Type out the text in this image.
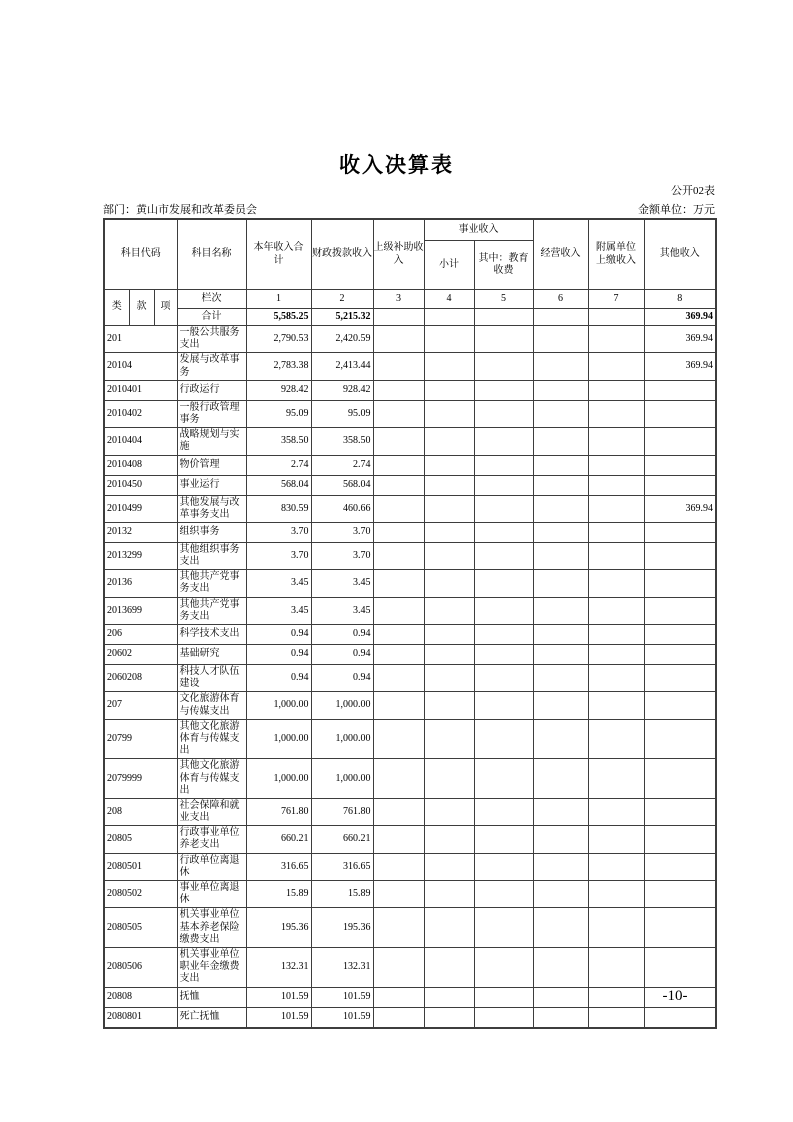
收入决算表
公开02表
部门：黄山市发展和改革委员会	金额单位：万元
科目代码			科目名称	本年收入合计	财政拨款收入	上级补助收入	事业收入		经营收入	附属单位上缴收入	其他收入
							小计	其中：教育收费			
类	款	项	栏次	1	2	3	4	5	6	7	8
			合计	5,585.25	5,215.32						369.94
201			一般公共服务支出	2,790.53	2,420.59						369.94
20104			发展与改革事务	2,783.38	2,413.44						369.94
2010401			行政运行	928.42	928.42						
2010402			一般行政管理事务	95.09	95.09						
2010404			战略规划与实施	358.50	358.50						
2010408			物价管理	2.74	2.74						
2010450			事业运行	568.04	568.04						
2010499			其他发展与改革事务支出	830.59	460.66						369.94
20132			组织事务	3.70	3.70						
2013299			其他组织事务支出	3.70	3.70						
20136			其他共产党事务支出	3.45	3.45						
2013699			其他共产党事务支出	3.45	3.45						
206			科学技术支出	0.94	0.94						
20602			基础研究	0.94	0.94						
2060208			科技人才队伍建设	0.94	0.94						
207			文化旅游体育与传媒支出	1,000.00	1,000.00						
20799			其他文化旅游体育与传媒支出	1,000.00	1,000.00						
2079999			其他文化旅游体育与传媒支出	1,000.00	1,000.00						
208			社会保障和就业支出	761.80	761.80						
20805			行政事业单位养老支出	660.21	660.21						
2080501			行政单位离退休	316.65	316.65						
2080502			事业单位离退休	15.89	15.89						
2080505			机关事业单位基本养老保险缴费支出	195.36	195.36						
2080506			机关事业单位职业年金缴费支出	132.31	132.31						
20808			抚恤	101.59	101.59						
2080801			死亡抚恤	101.59	101.59						
-10-
